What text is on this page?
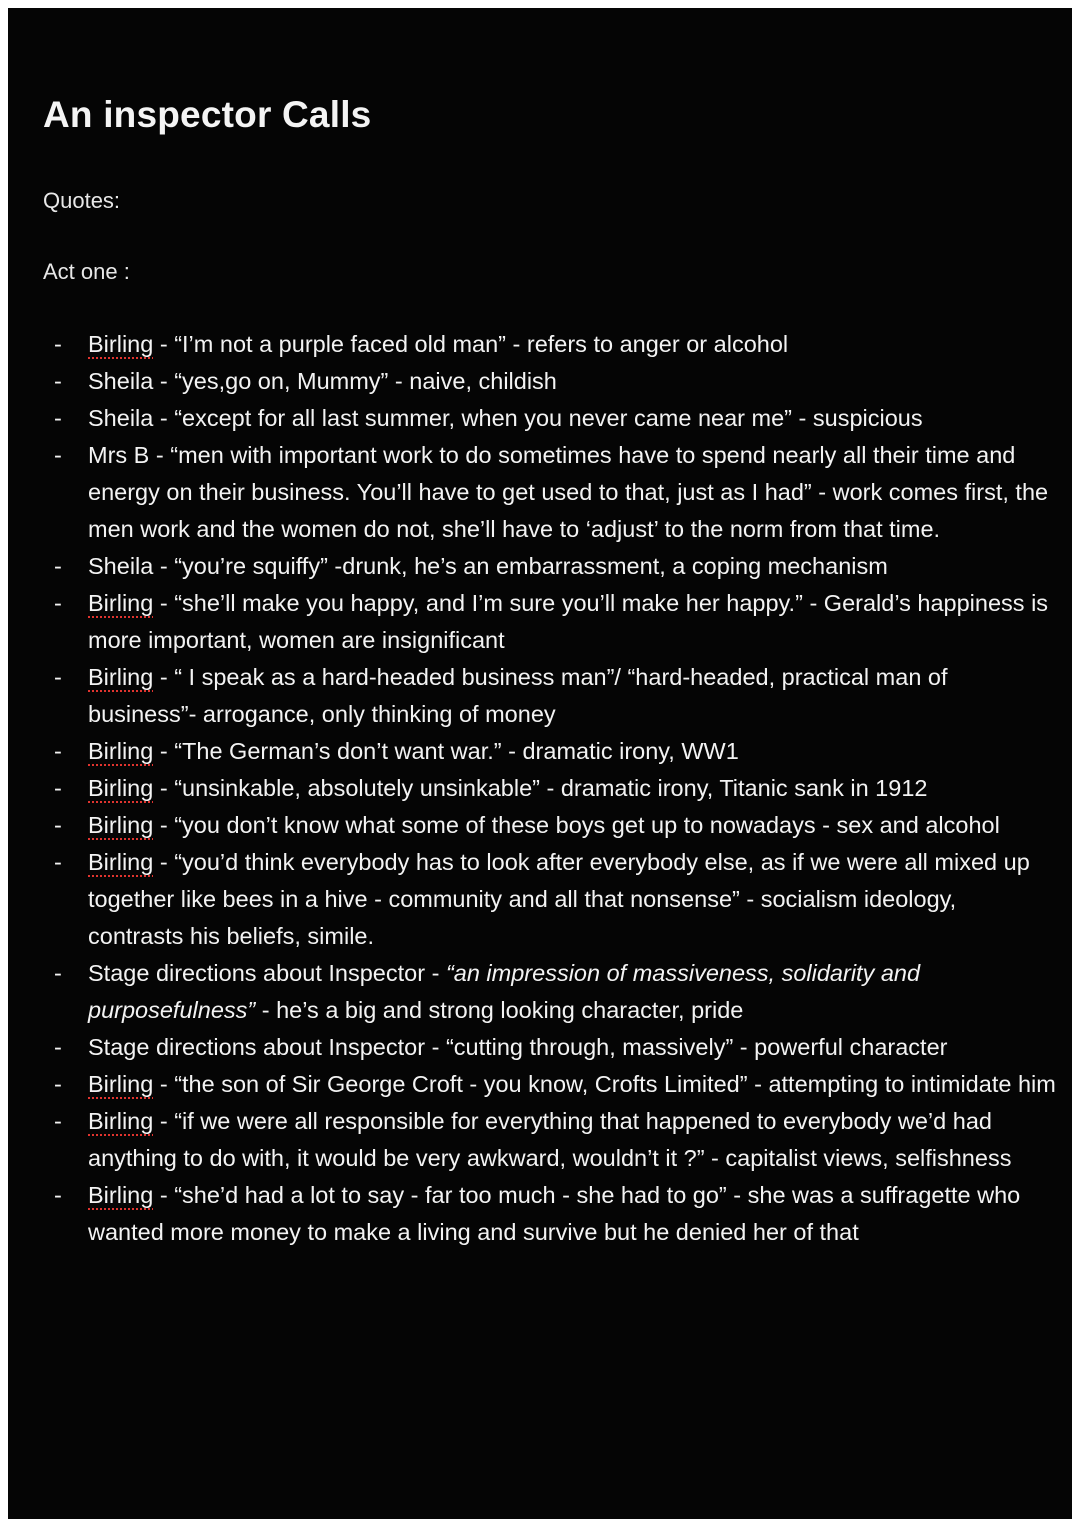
An inspector Calls

Quotes:

Act one :

- Birling - “I’m not a purple faced old man” - refers to anger or alcohol
- Sheila - “yes,go on, Mummy” - naive, childish
- Sheila - “except for all last summer, when you never came near me” - suspicious
- Mrs B - “men with important work to do sometimes have to spend nearly all their time and energy on their business. You’ll have to get used to that, just as I had” - work comes first, the men work and the women do not, she’ll have to ‘adjust’ to the norm from that time.
- Sheila - “you’re squiffy” -drunk, he’s an embarrassment, a coping mechanism
- Birling - “she’ll make you happy, and I’m sure you’ll make her happy.” - Gerald’s happiness is more important, women are insignificant
- Birling - “ I speak as a hard-headed business man”/ “hard-headed, practical man of business”- arrogance, only thinking of money
- Birling - “The German’s don’t want war.” - dramatic irony, WW1
- Birling - “unsinkable, absolutely unsinkable” - dramatic irony, Titanic sank in 1912
- Birling - “you don’t know what some of these boys get up to nowadays - sex and alcohol
- Birling - “you’d think everybody has to look after everybody else, as if we were all mixed up together like bees in a hive - community and all that nonsense” - socialism ideology, contrasts his beliefs, simile.
- Stage directions about Inspector - “an impression of massiveness, solidarity and purposefulness” - he’s a big and strong looking character, pride
- Stage directions about Inspector - “cutting through, massively” - powerful character
- Birling - “the son of Sir George Croft - you know, Crofts Limited” - attempting to intimidate him
- Birling - “if we were all responsible for everything that happened to everybody we’d had anything to do with, it would be very awkward, wouldn’t it ?” - capitalist views, selfishness
- Birling - “she’d had a lot to say - far too much - she had to go” - she was a suffragette who wanted more money to make a living and survive but he denied her of that
